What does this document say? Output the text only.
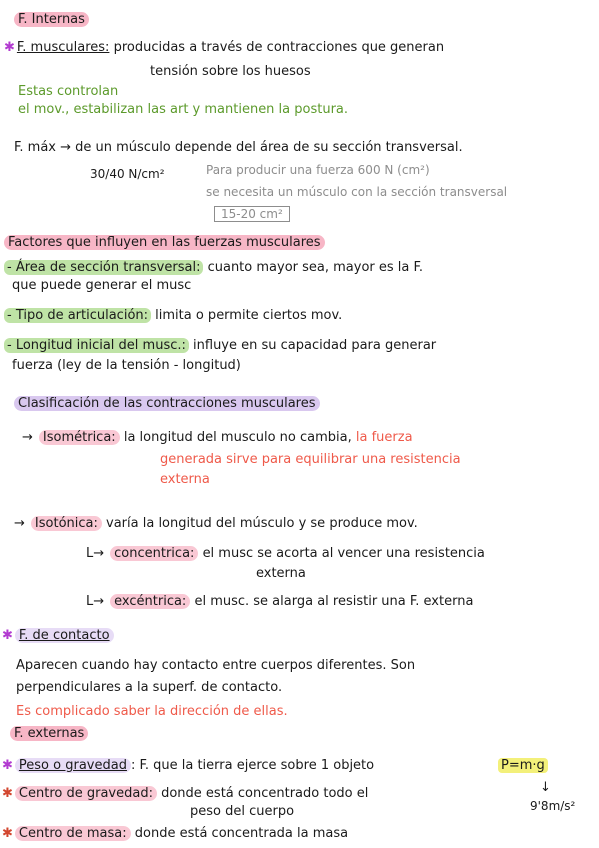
F. Internas
✱ F. musculares: producidas a través de contracciones que generan
tensión sobre los huesos
Estas controlan
el mov., estabilizan las art y mantienen la postura.
F. máx → de un músculo depende del área de su sección transversal.
30/40 N/cm²	Para producir una fuerza 600 N (cm²)
se necesita un músculo con la sección transversal
15-20 cm²
Factores que influyen en las fuerzas musculares
- Área de sección transversal: cuanto mayor sea, mayor es la F.
que puede generar el musc
- Tipo de articulación: limita o permite ciertos mov.
- Longitud inicial del musc.: influye en su capacidad para generar
fuerza (ley de la tensión - longitud)
Clasificación de las contracciones musculares
→ Isométrica: la longitud del musculo no cambia, la fuerza
generada sirve para equilibrar una resistencia
externa
→ Isotónica: varía la longitud del músculo y se produce mov.
L→ concentrica: el musc se acorta al vencer una resistencia
externa
L→ excéntrica: el musc. se alarga al resistir una F. externa
✱ F. de contacto
Aparecen cuando hay contacto entre cuerpos diferentes. Son
perpendiculares a la superf. de contacto.
Es complicado saber la dirección de ellas.
F. externas
✱ Peso o gravedad : F. que la tierra ejerce sobre 1 objeto	P=m·g
↓
9'8m/s²
✱ Centro de gravedad: donde está concentrado todo el
peso del cuerpo
✱ Centro de masa: donde está concentrada la masa
